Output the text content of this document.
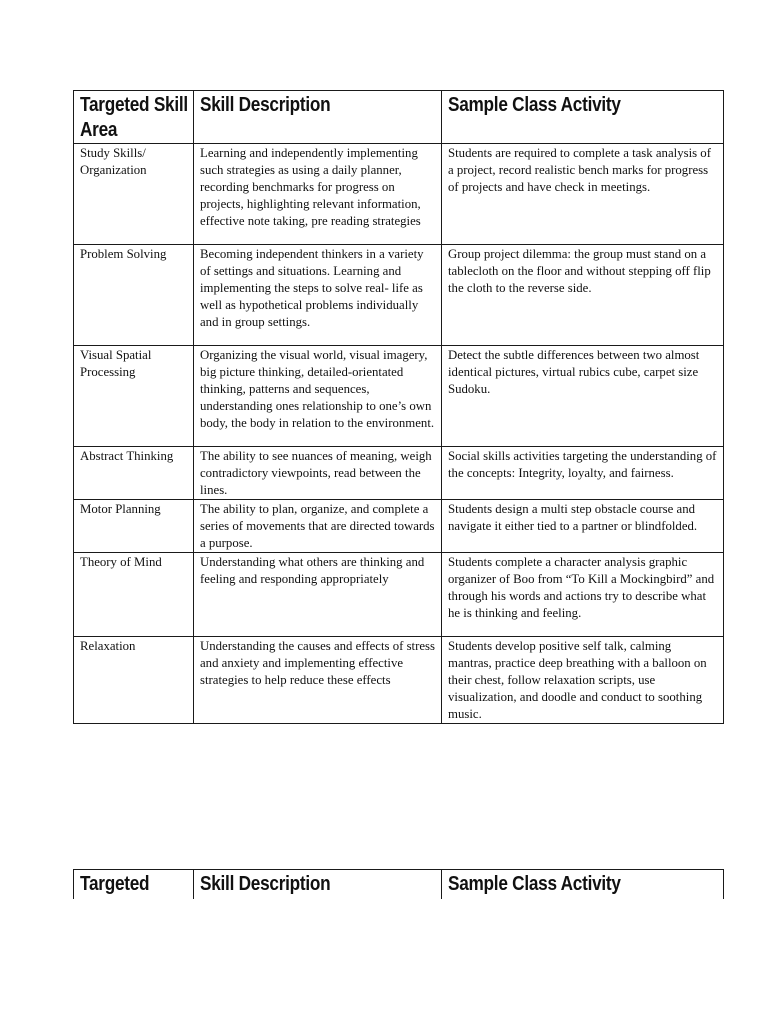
Targeted Skill Area	Skill Description	Sample Class Activity

Study Skills/ Organization	Learning and independently implementing such strategies as using a daily planner, recording benchmarks for progress on projects, highlighting relevant information, effective note taking, pre reading strategies	Students are required to complete a task analysis of a project, record realistic bench marks for progress of projects and have check in meetings.

Problem Solving	Becoming independent thinkers in a variety of settings and situations. Learning and implementing the steps to solve real- life as well as hypothetical problems individually and in group settings.	Group project dilemma: the group must stand on a tablecloth on the floor and without stepping off flip the cloth to the reverse side.

Visual Spatial Processing	Organizing the visual world, visual imagery, big picture thinking, detailed-orientated thinking, patterns and sequences, understanding ones relationship to one’s own body, the body in relation to the environment.	Detect the subtle differences between two almost identical pictures, virtual rubics cube, carpet size Sudoku.

Abstract Thinking	The ability to see nuances of meaning, weigh contradictory viewpoints, read between the lines.	Social skills activities targeting the understanding of the concepts: Integrity, loyalty, and fairness.

Motor Planning	The ability to plan, organize, and complete a series of movements that are directed towards a purpose.	Students design a multi step obstacle course and navigate it either tied to a partner or blindfolded.

Theory of Mind	Understanding what others are thinking and feeling and responding appropriately	Students complete a character analysis graphic organizer of Boo from “To Kill a Mockingbird” and through his words and actions try to describe what he is thinking and feeling.

Relaxation	Understanding the causes and effects of stress and anxiety and implementing effective strategies to help reduce these effects	Students develop positive self talk, calming mantras, practice deep breathing with a balloon on their chest, follow relaxation scripts, use visualization, and doodle and conduct to soothing music.
Targeted	Skill Description	Sample Class Activity
